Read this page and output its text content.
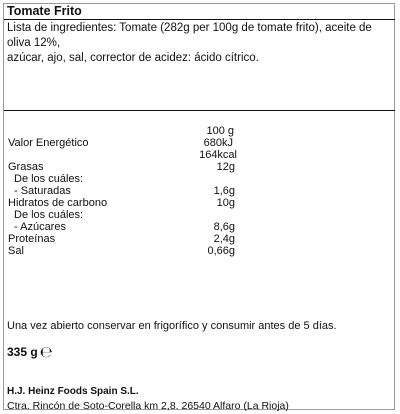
Tomate Frito
Lista de ingredientes: Tomate (282g per 100g de tomate frito), aceite de oliva 12%,
azúcar, ajo, sal, corrector de acidez: ácido cítrico.
100 g
Valor Energético	680kJ
164kcal
Grasas	12g
De los cuáles:
- Saturadas	1,6g
Hidratos de carbono	10g
De los cuáles:
- Azúcares	8,6g
Proteínas	2,4g
Sal	0,66g
Una vez abierto conservar en frigorífico y consumir antes de 5 días.
335 g ℮
H.J. Heinz Foods Spain S.L.
Ctra. Rincón de Soto-Corella km 2,8. 26540 Alfaro (La Rioja)
